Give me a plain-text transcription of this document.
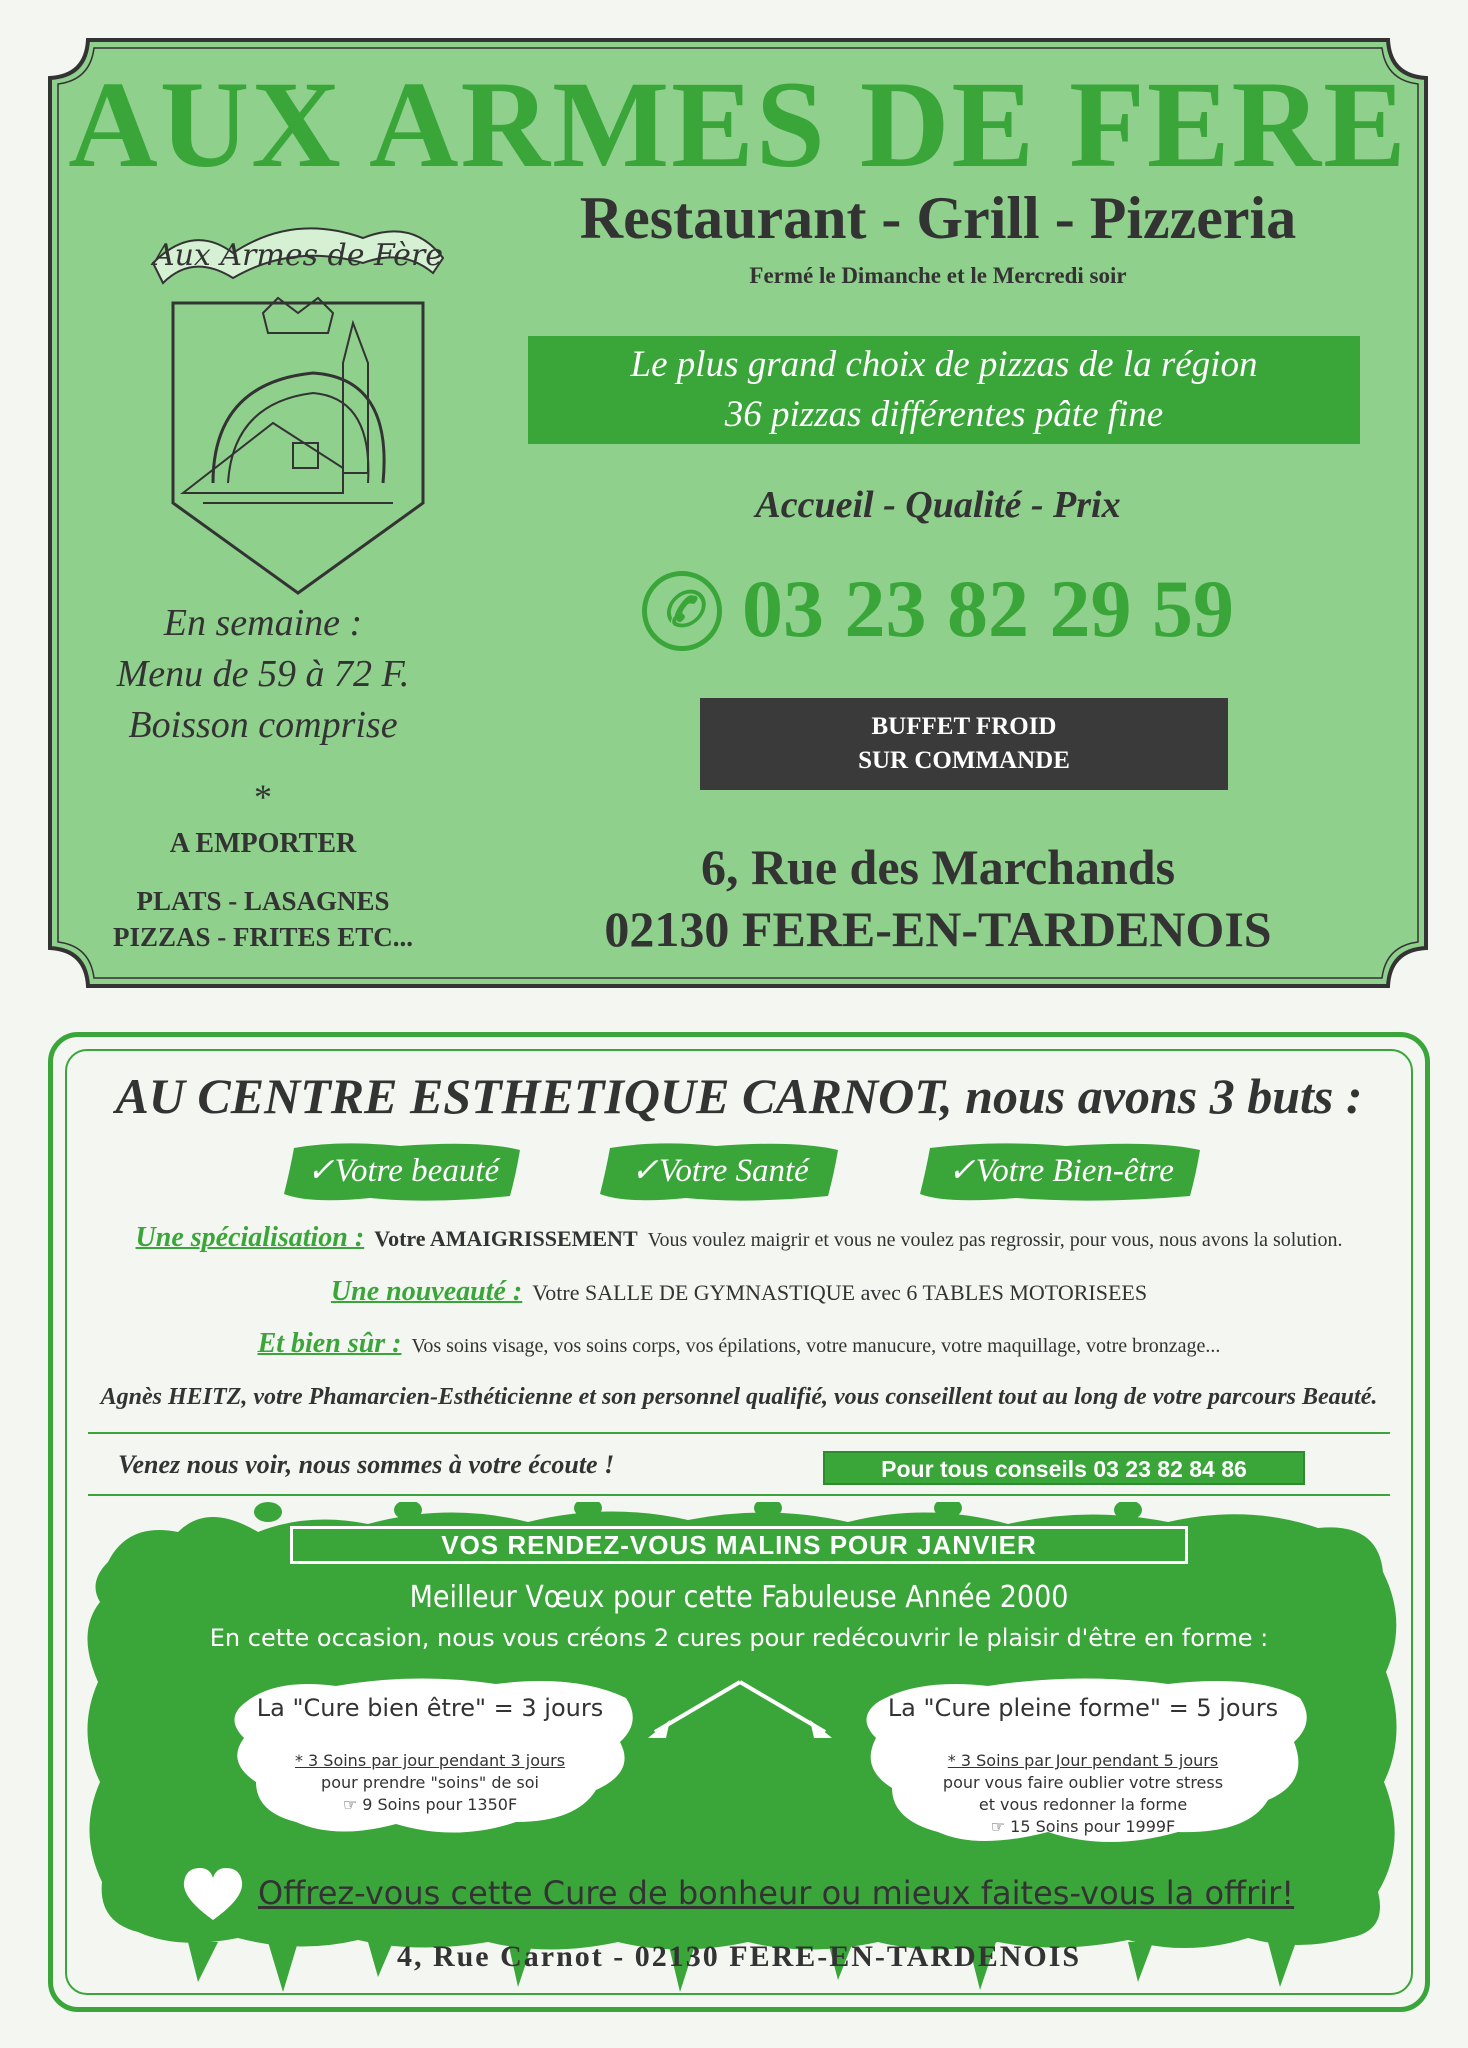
AUX ARMES DE FERE
Restaurant - Grill - Pizzeria
Fermé le Dimanche et le Mercredi soir
Aux Armes de Fère
En semaine :
Menu de 59 à 72 F.
Boisson comprise
*
A EMPORTER
PLATS - LASAGNES
PIZZAS - FRITES ETC...
Le plus grand choix de pizzas de la région
36 pizzas différentes pâte fine
Accueil - Qualité - Prix
✆ 03 23 82 29 59
BUFFET FROID
SUR COMMANDE
6, Rue des Marchands
02130 FERE-EN-TARDENOIS
AU CENTRE ESTHETIQUE CARNOT, nous avons 3 buts :
✓Votre beauté	✓Votre Santé	✓Votre Bien-être
Une spécialisation : Votre AMAIGRISSEMENT Vous voulez maigrir et vous ne voulez pas regrossir, pour vous, nous avons la solution.
Une nouveauté : Votre SALLE DE GYMNASTIQUE avec 6 TABLES MOTORISEES
Et bien sûr : Vos soins visage, vos soins corps, vos épilations, votre manucure, votre maquillage, votre bronzage...
Agnès HEITZ, votre Phamarcien-Esthéticienne et son personnel qualifié, vous conseillent tout au long de votre parcours Beauté.
Venez nous voir, nous sommes à votre écoute !	Pour tous conseils 03 23 82 84 86
VOS RENDEZ-VOUS MALINS POUR JANVIER
Meilleur Vœux pour cette Fabuleuse Année 2000
En cette occasion, nous vous créons 2 cures pour redécouvrir le plaisir d'être en forme :
La "Cure bien être" = 3 jours
* 3 Soins par jour pendant 3 jours
pour prendre "soins" de soi
☞ 9 Soins pour 1350F
La "Cure pleine forme" = 5 jours
* 3 Soins par Jour pendant 5 jours
pour vous faire oublier votre stress
et vous redonner la forme
☞ 15 Soins pour 1999F
Offrez-vous cette Cure de bonheur ou mieux faites-vous la offrir!
4, Rue Carnot - 02130 FERE-EN-TARDENOIS
